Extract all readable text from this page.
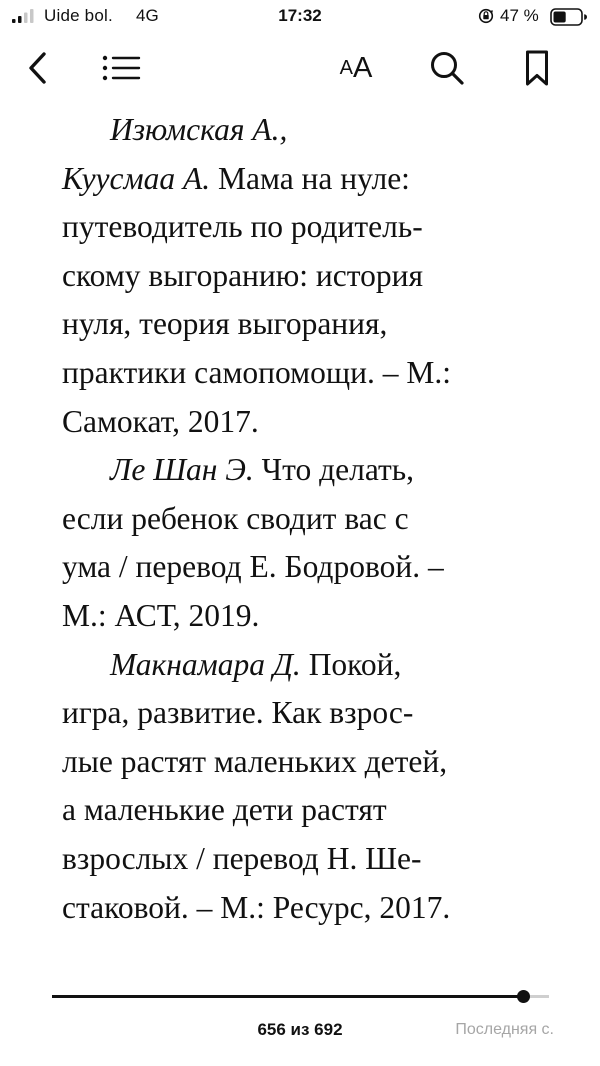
Uide bol. 4G	17:32	47 %
A A
Изюмская А.,
Куусмаа А. Мама на нуле:
путеводитель по родитель-
скому выгоранию: история
нуля, теория выгорания,
практики самопомощи. – М.:
Самокат, 2017.
Ле Шан Э. Что делать,
если ребенок сводит вас с
ума / перевод Е. Бодровой. –
М.: АСТ, 2019.
Макнамара Д. Покой,
игра, развитие. Как взрос-
лые растят маленьких детей,
а маленькие дети растят
взрослых / перевод Н. Ше-
стаковой. – М.: Ресурс, 2017.
656 из 692	Последняя с.
